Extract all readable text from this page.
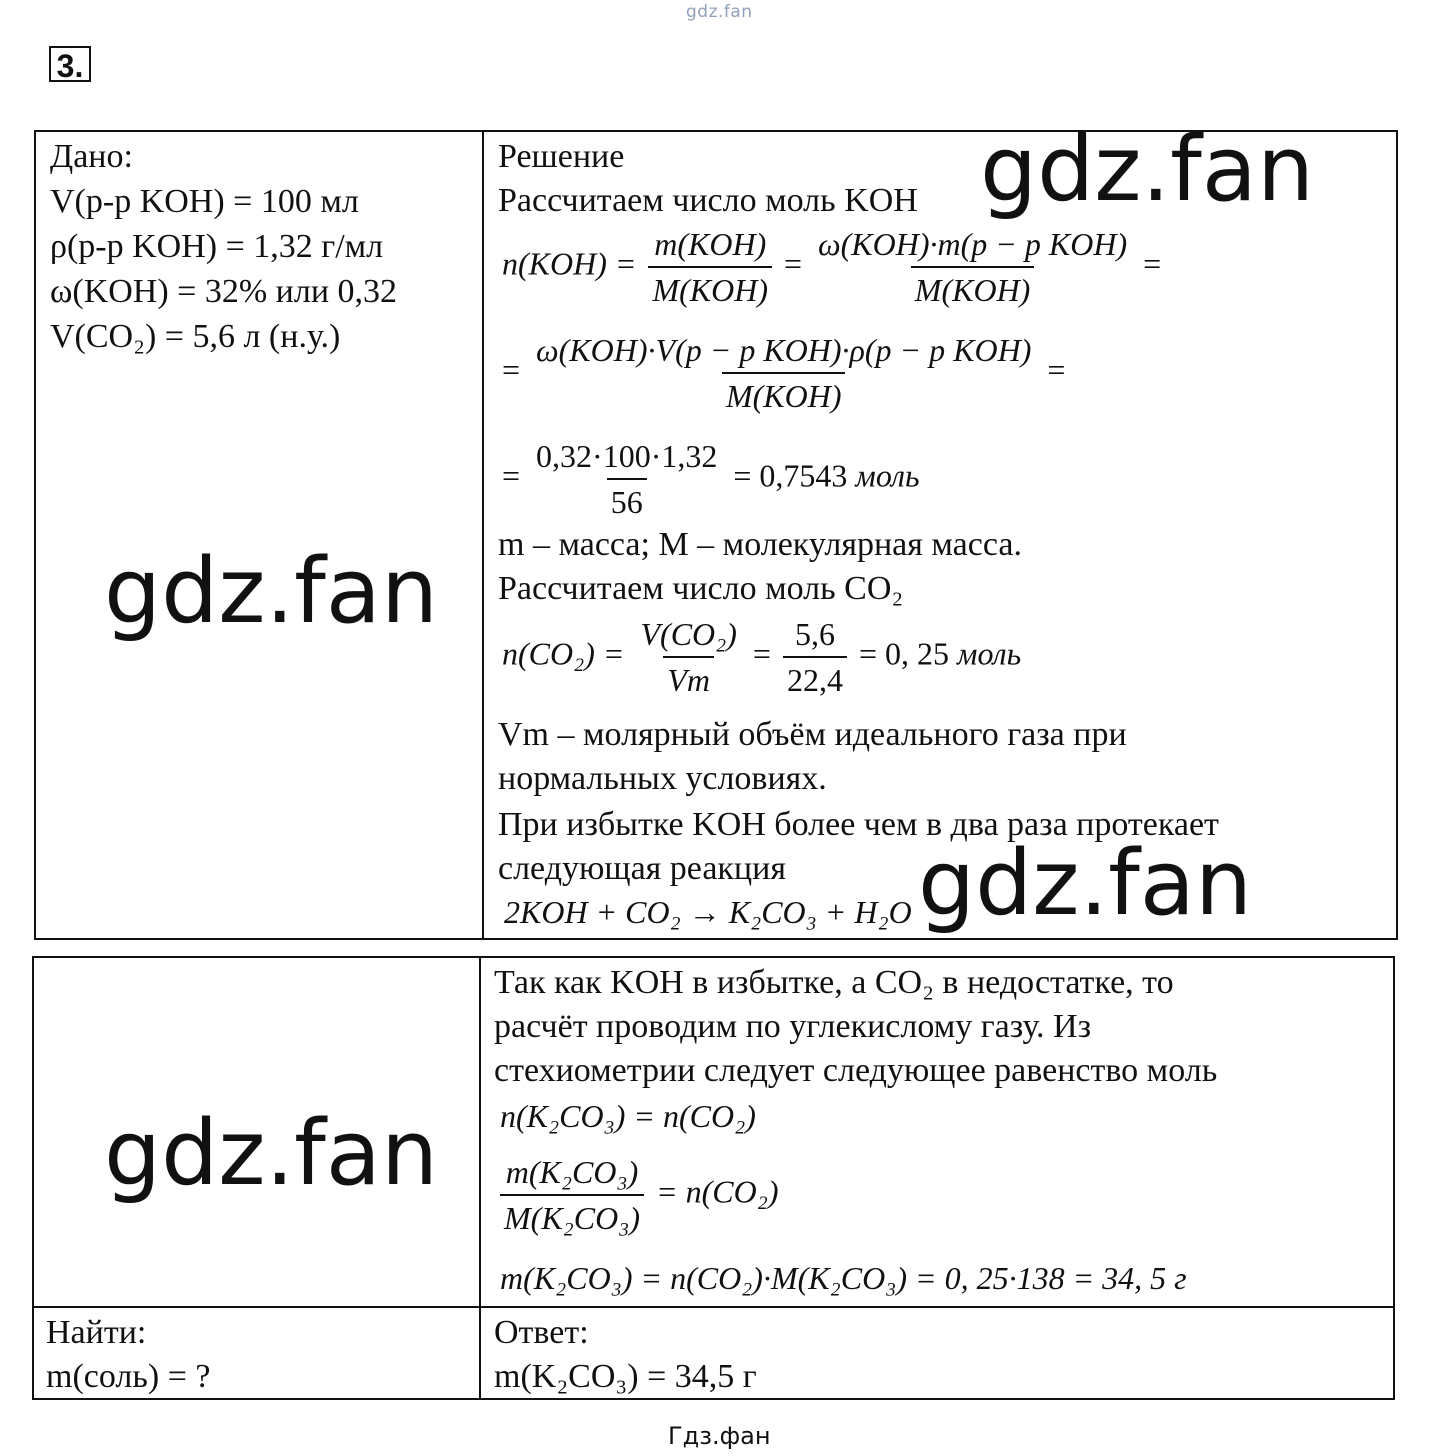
gdz.fan
3.
Дано:
V(р-р KOH) = 100 мл
ρ(р-р KOH) = 1,32 г/мл
ω(KOH) = 32% или 0,32
V(CO₂) = 5,6 л (н.у.)
gdz.fan
gdz.fan
Решение
Рассчитаем число моль KOH
$n(KOH) = \frac{\text{m(KOH)}}{\text{M(KOH)}} = \frac{\text{ω(KOH)·m(p − p KOH)}}{\text{M(KOH)}}$ =
= $\frac{\text{ω(KOH)·V(p − p KOH)·ρ(p − p KOH)}}{\text{M(KOH)}}$ =
= $\frac{0,32\cdot 100\cdot 1,32}{56} = 0,7543$ моль
m – масса; M – молекулярная масса.
Рассчитаем число моль CO₂
$n(CO_2) = \frac{\text{V(CO₂)}}{Vm} = \frac{5,6}{22,4} = 0$, 25 моль
Vm – молярный объём идеального газа при
нормальных условиях.
При избытке KOH более чем в два раза протекает
следующая реакция
2KOH + CO₂ → K₂CO₃ + H₂O gdz.fan
gdz.fan
Так как KOH в избытке, а CO₂ в недостатке, то
расчёт проводим по углекислому газу. Из
стехиометрии следует следующее равенство моль
n(K₂CO₃) = n(CO₂)
$\frac{\text{m(K₂CO₃)}}{\text{M(K₂CO₃)}} = n(CO_2)$
m(K₂CO₃) = n(CO₂)·M(K₂CO₃) = 0, 25·138 = 34, 5 г
Найти:
m(соль) = ?
Ответ:
m(K₂CO₃) = 34,5 г
Гдз.фан
